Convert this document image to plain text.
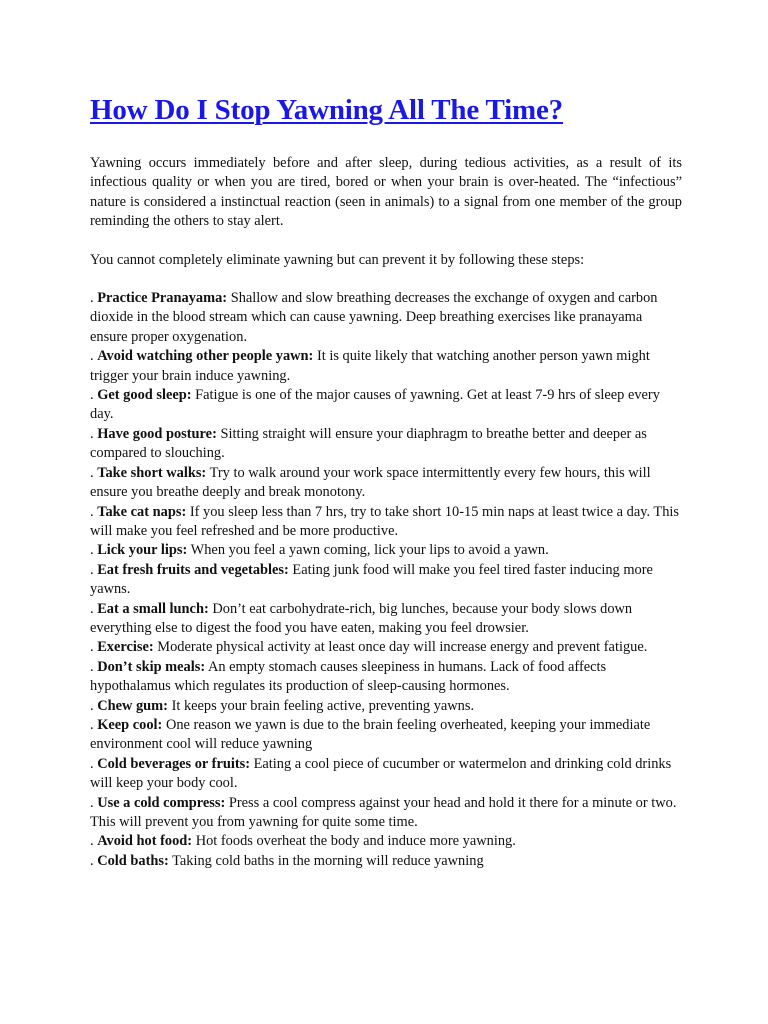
How Do I Stop Yawning All The Time?

Yawning occurs immediately before and after sleep, during tedious activities, as a result of its infectious quality or when you are tired, bored or when your brain is over-heated. The “infectious” nature is considered a instinctual reaction (seen in animals) to a signal from one member of the group reminding the others to stay alert.

You cannot completely eliminate yawning but can prevent it by following these steps:

. Practice Pranayama: Shallow and slow breathing decreases the exchange of oxygen and carbon dioxide in the blood stream which can cause yawning. Deep breathing exercises like pranayama ensure proper oxygenation.

. Avoid watching other people yawn: It is quite likely that watching another person yawn might trigger your brain induce yawning.

. Get good sleep: Fatigue is one of the major causes of yawning. Get at least 7-9 hrs of sleep every day.

. Have good posture: Sitting straight will ensure your diaphragm to breathe better and deeper as compared to slouching.

. Take short walks: Try to walk around your work space intermittently every few hours, this will ensure you breathe deeply and break monotony.

. Take cat naps: If you sleep less than 7 hrs, try to take short 10-15 min naps at least twice a day. This will make you feel refreshed and be more productive.

. Lick your lips: When you feel a yawn coming, lick your lips to avoid a yawn.

. Eat fresh fruits and vegetables: Eating junk food will make you feel tired faster inducing more yawns.

. Eat a small lunch: Don’t eat carbohydrate-rich, big lunches, because your body slows down everything else to digest the food you have eaten, making you feel drowsier.

. Exercise: Moderate physical activity at least once day will increase energy and prevent fatigue.

. Don’t skip meals: An empty stomach causes sleepiness in humans. Lack of food affects hypothalamus which regulates its production of sleep-causing hormones.

. Chew gum: It keeps your brain feeling active, preventing yawns.

. Keep cool: One reason we yawn is due to the brain feeling overheated, keeping your immediate environment cool will reduce yawning

. Cold beverages or fruits: Eating a cool piece of cucumber or watermelon and drinking cold drinks will keep your body cool.

. Use a cold compress: Press a cool compress against your head and hold it there for a minute or two. This will prevent you from yawning for quite some time.

. Avoid hot food: Hot foods overheat the body and induce more yawning.

. Cold baths: Taking cold baths in the morning will reduce yawning
